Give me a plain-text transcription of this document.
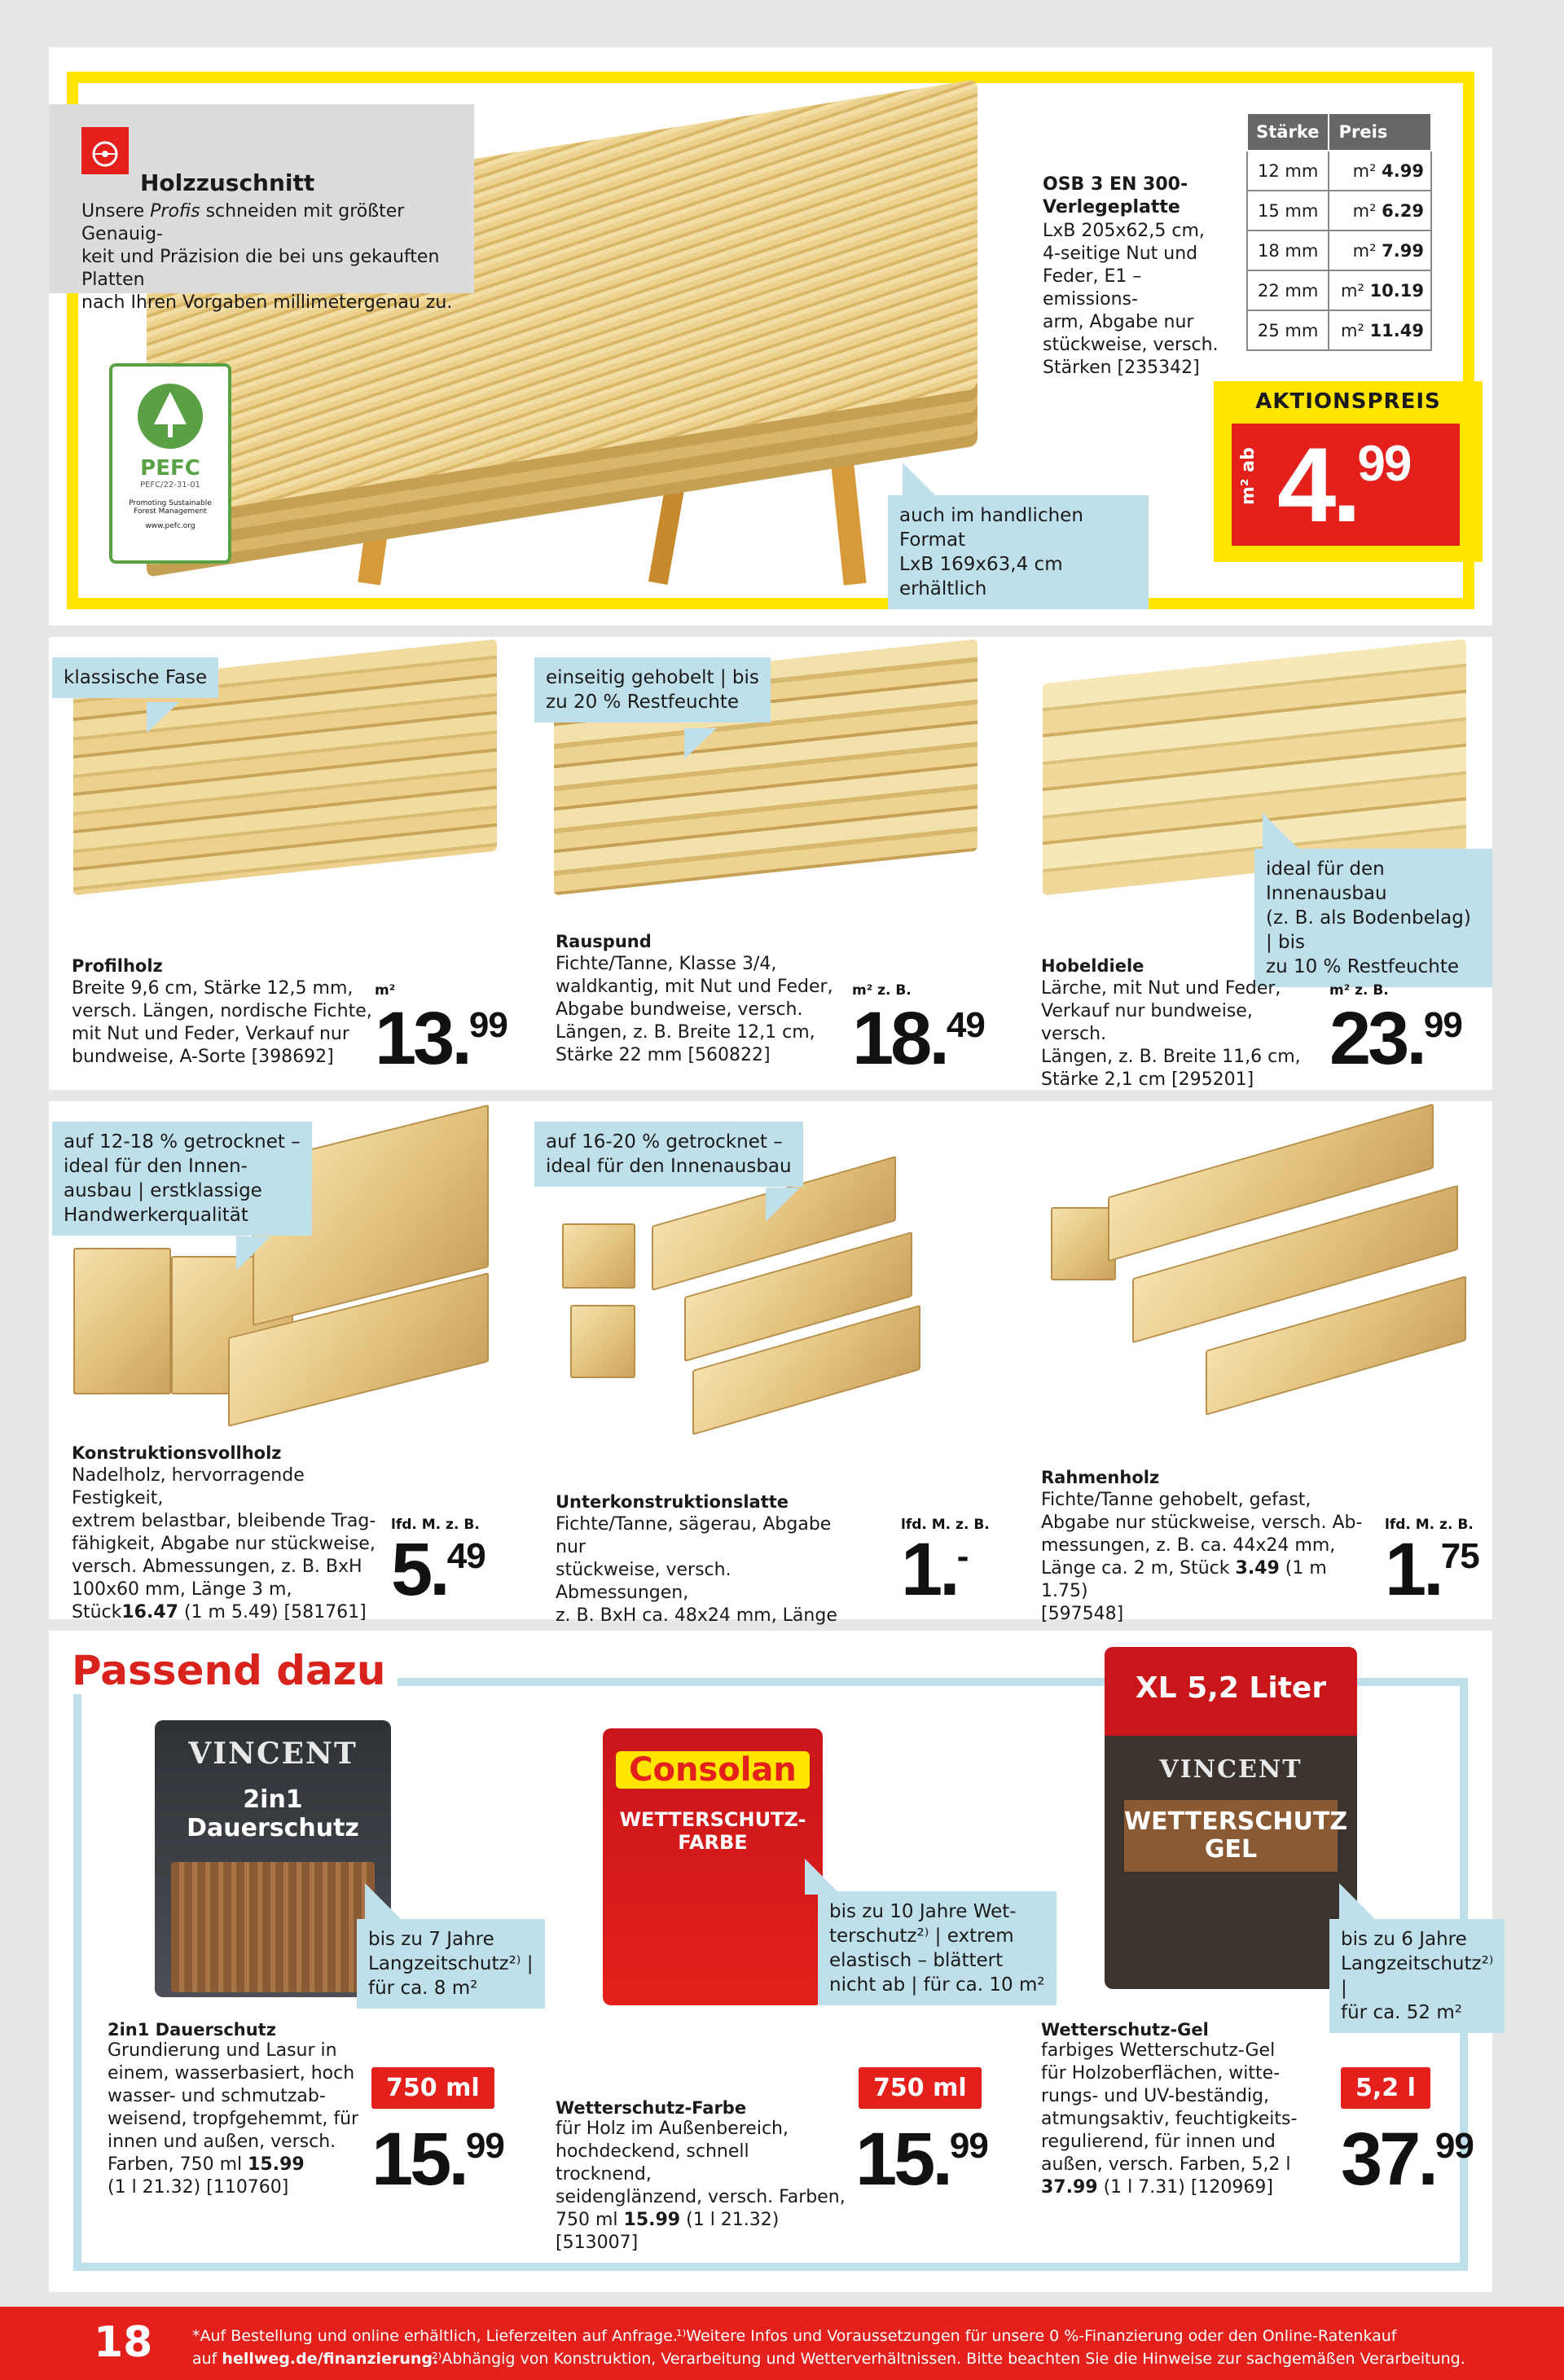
Holzzuschnitt
Unsere Profis schneiden mit größter Genauig-
keit und Präzision die bei uns gekauften Platten
nach Ihren Vorgaben millimetergenau zu.
PEFC
PEFC/22-31-01
Promoting Sustainable
Forest Management
www.pefc.org	auch im handlichen Format
LxB 169x63,4 cm erhältlich
OSB 3 EN 300-
Verlegeplatte
LxB 205x62,5 cm,
4-seitige Nut und
Feder, E1 – emissions-
arm, Abgabe nur
stückweise, versch.
Stärken [235342]
Stärke	Preis
12 mm	m² 4.99
15 mm	m² 6.29
18 mm	m² 7.99
22 mm	m² 10.19
25 mm	m² 11.49
AKTIONSPREIS
m² ab 4.99
klassische Fase
Profilholz
Breite 9,6 cm, Stärke 12,5 mm,
versch. Längen, nordische Fichte,
mit Nut und Feder, Verkauf nur
bundweise, A-Sorte [398692]
m²
13.99
einseitig gehobelt | bis
zu 20 % Restfeuchte
Rauspund
Fichte/Tanne, Klasse 3/4,
waldkantig, mit Nut und Feder,
Abgabe bundweise, versch.
Längen, z. B. Breite 12,1 cm,
Stärke 22 mm [560822]
m² z. B.
18.49
ideal für den Innenausbau
(z. B. als Bodenbelag) | bis
zu 10 % Restfeuchte
Hobeldiele
Lärche, mit Nut und Feder,
Verkauf nur bundweise, versch.
Längen, z. B. Breite 11,6 cm,
Stärke 2,1 cm [295201]
m² z. B.
23.99
auf 12-18 % getrocknet –
ideal für den Innen-
ausbau | erstklassige
Handwerkerqualität
Konstruktionsvollholz
Nadelholz, hervorragende Festigkeit,
extrem belastbar, bleibende Trag-
fähigkeit, Abgabe nur stückweise,
versch. Abmessungen, z. B. BxH
100x60 mm, Länge 3 m, Stück16.47 (1 m 5.49) [581761]
lfd. M. z. B.
5.49
auf 16-20 % getrocknet –
ideal für den Innenausbau
Unterkonstruktionslatte
Fichte/Tanne, sägerau, Abgabe nur
stückweise, versch. Abmessungen,
z. B. BxH ca. 48x24 mm, Länge

lfd. M. z. B.
1.-
Rahmenholz
Fichte/Tanne gehobelt, gefast,
Abgabe nur stückweise, versch. Ab-
messungen, z. B. ca. 44x24 mm,
Länge ca. 2 m, Stück 3.49 (1 m 1.75)
[597548]
lfd. M. z. B.
1.75
Passend dazu
VINCENT
2in1 Dauerschutz
bis zu 7 Jahre
Langzeitschutz²⁾ |
für ca. 8 m²
2in1 Dauerschutz
Grundierung und Lasur in
einem, wasserbasiert, hoch
wasser- und schmutzab-
weisend, tropfgehemmt, für
innen und außen, versch.
Farben, 750 ml 15.99
(1 l 21.32) [110760]
750 ml
15.99
Consolan
WETTERSCHUTZ-
FARBE
bis zu 10 Jahre Wet-
terschutz²⁾ | extrem
elastisch – blättert
nicht ab | für ca. 10 m²
Wetterschutz-Farbe
für Holz im Außenbereich,
hochdeckend, schnell trocknend,
seidenglänzend, versch. Farben,
750 ml 15.99 (1 l 21.32) [513007]
750 ml
15.99
XL 5,2 Liter
VINCENT
WETTERSCHUTZ
GEL
bis zu 6 Jahre
Langzeitschutz²⁾ |
für ca. 52 m²
Wetterschutz-Gel
farbiges Wetterschutz-Gel
für Holzoberflächen, witte-
rungs- und UV-beständig,
atmungsaktiv, feuchtigkeits-
regulierend, für innen und
außen, versch. Farben, 5,2 l
37.99 (1 l 7.31) [120969]
5,2 l
37.99
18	*Auf Bestellung und online erhältlich, Lieferzeiten auf Anfrage.
auf hellweg.de/finanzierung.
¹⁾Weitere Infos und Voraussetzungen für unsere 0 %-Finanzierung oder den Online-Ratenkauf
²⁾Abhängig von Konstruktion, Verarbeitung und Wetterverhältnissen. Bitte beachten Sie die Hinweise zur sachgemäßen Verarbeitung.
